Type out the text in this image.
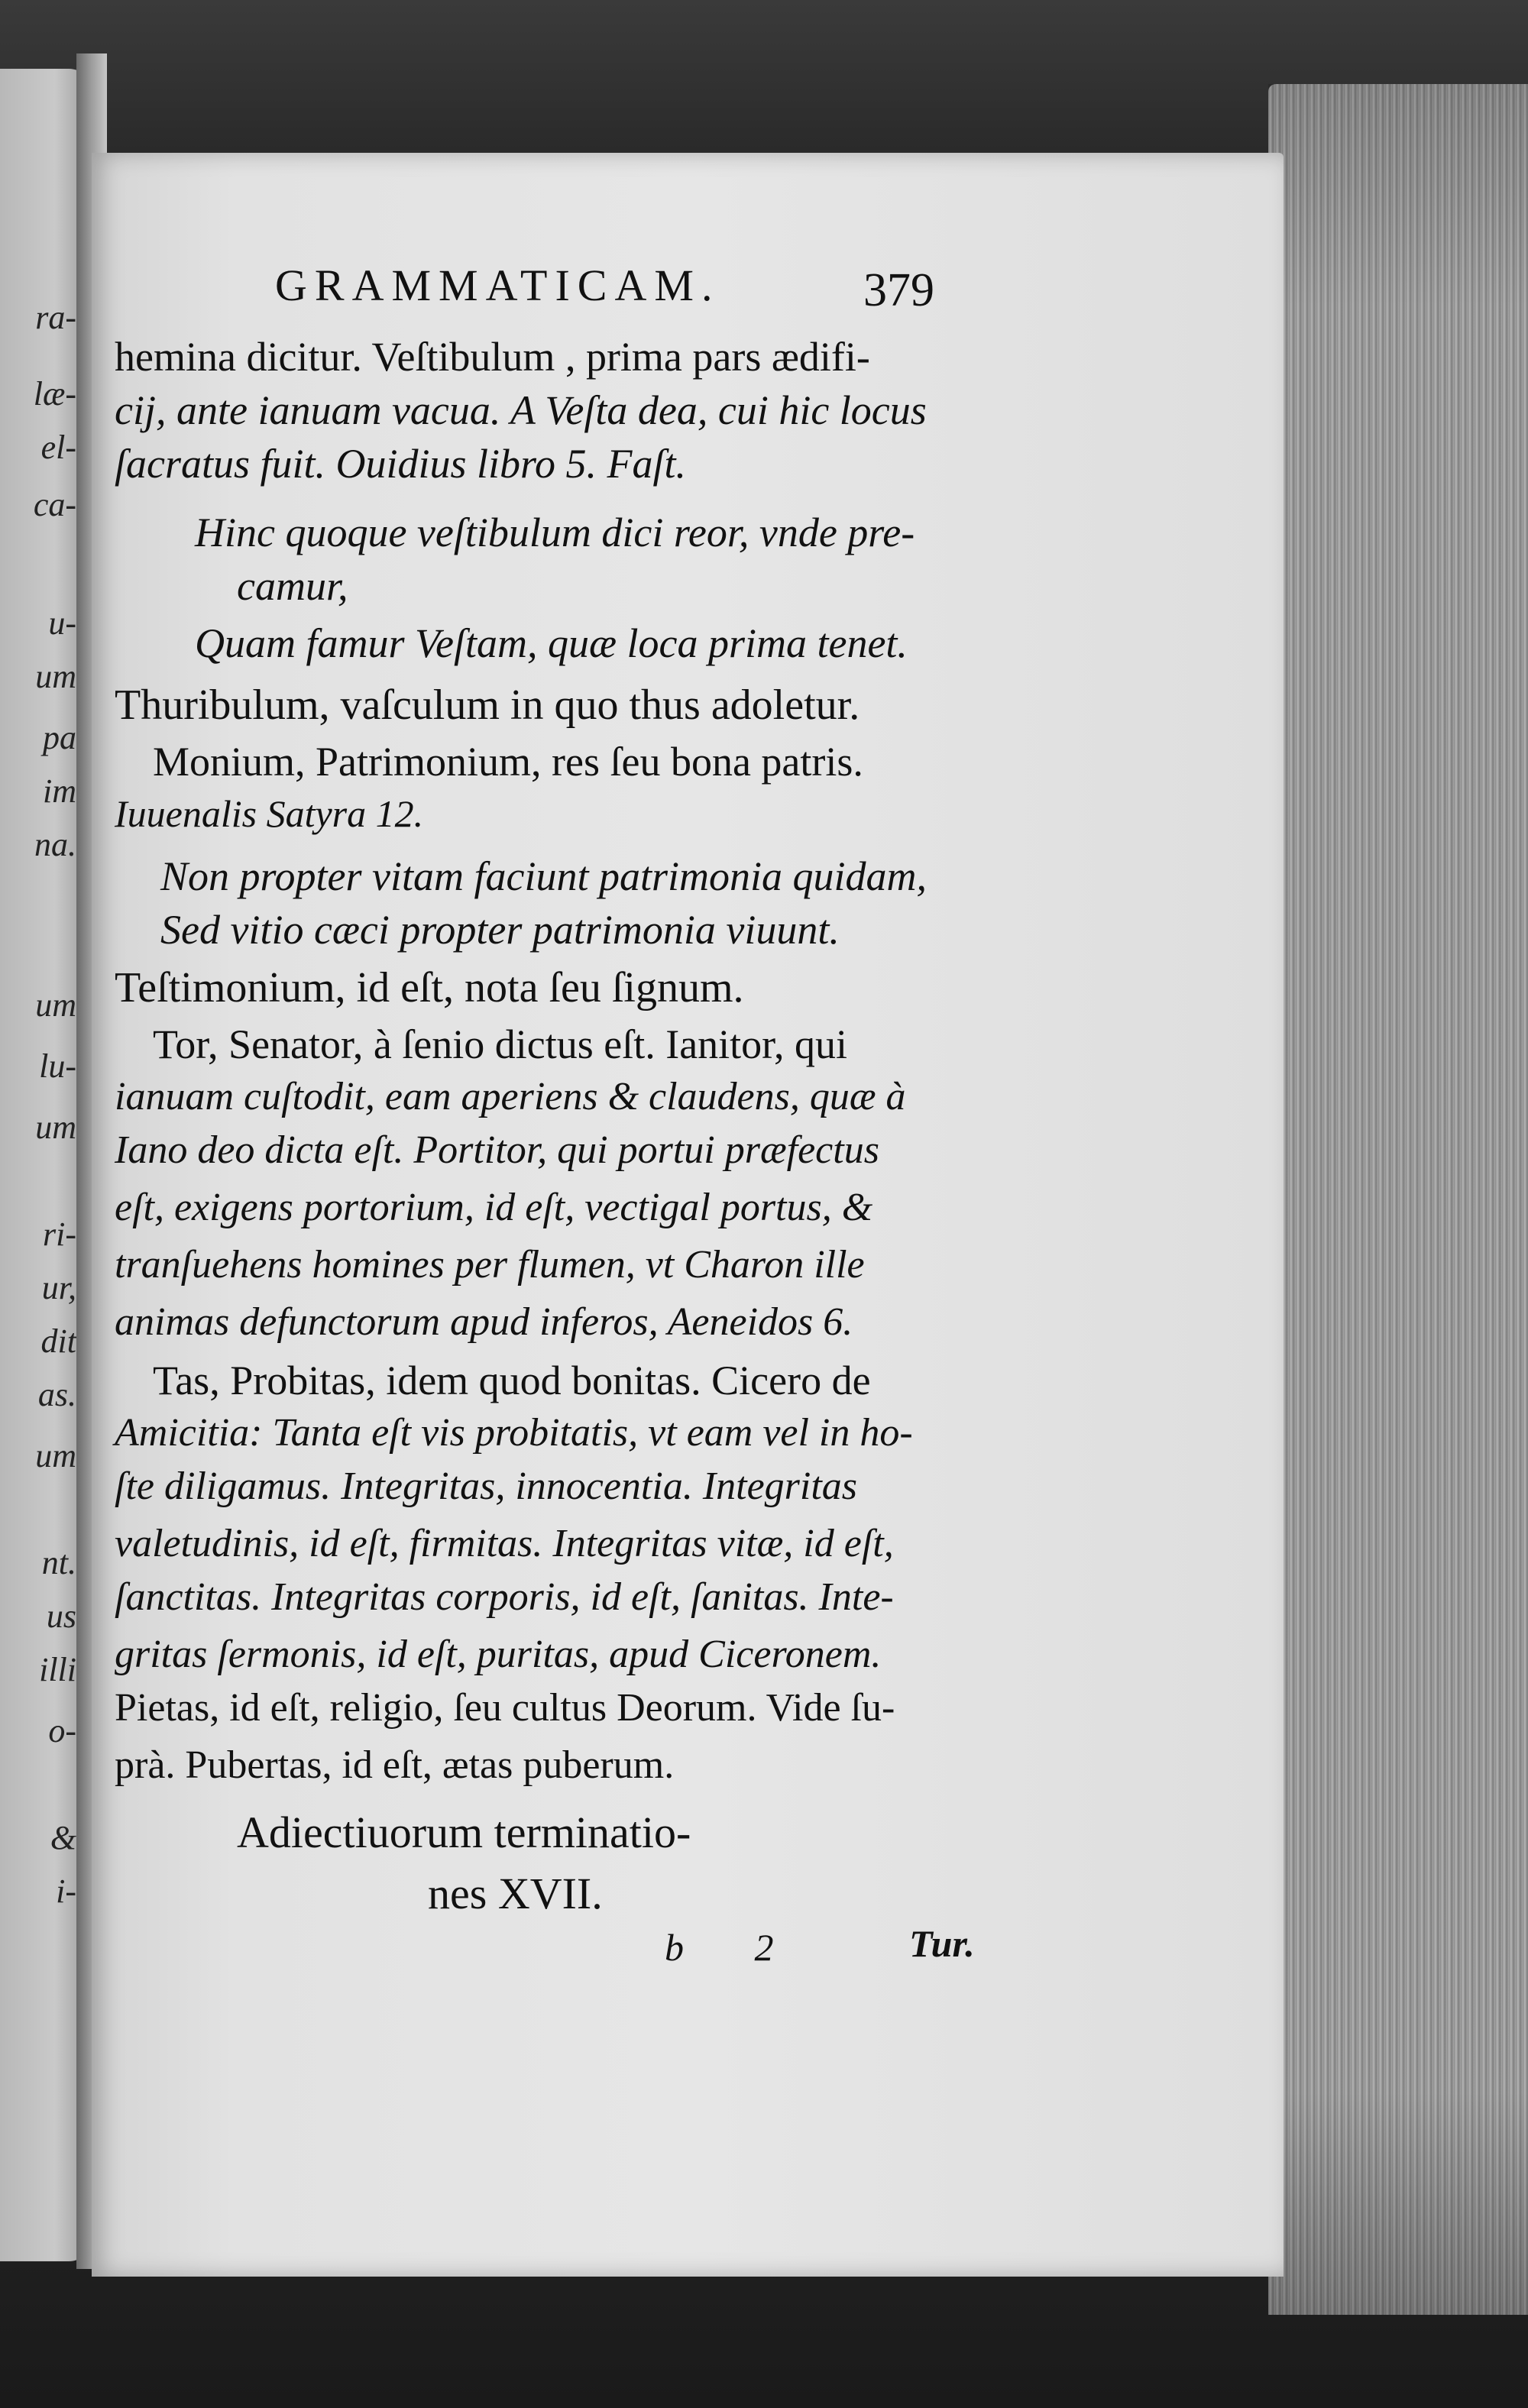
ra-
læ-
el-
ca-
u-
um
pa
im
na.
um
lu-
um
ri-
ur,
dit
as.
um
nt.
us
illi
o-
&
i-
GRAMMATICAM.	379
hemina dicitur. Veſtibulum , prima pars ædifi-
cij, ante ianuam vacua. A Veſta dea, cui hic locus
ſacratus fuit. Ouidius libro 5. Faſt.
Hinc quoque veſtibulum dici reor, vnde pre-
camur,
Quam famur Veſtam, quæ loca prima tenet.
Thuribulum, vaſculum in quo thus adoletur.
Monium, Patrimonium, res ſeu bona patris.
Iuuenalis Satyra 12.
Non propter vitam faciunt patrimonia quidam,
Sed vitio cæci propter patrimonia viuunt.
Teſtimonium, id eſt, nota ſeu ſignum.
Tor, Senator, à ſenio dictus eſt. Ianitor, qui
ianuam cuſtodit, eam aperiens & claudens, quæ à
Iano deo dicta eſt. Portitor, qui portui præfectus
eſt, exigens portorium, id eſt, vectigal portus, &
tranſuehens homines per flumen, vt Charon ille
animas defunctorum apud inferos, Aeneidos 6.
Tas, Probitas, idem quod bonitas. Cicero de
Amicitia: Tanta eſt vis probitatis, vt eam vel in ho-
ſte diligamus. Integritas, innocentia. Integritas
valetudinis, id eſt, firmitas. Integritas vitæ, id eſt,
ſanctitas. Integritas corporis, id eſt, ſanitas. Inte-
gritas ſermonis, id eſt, puritas, apud Ciceronem.
Pietas, id eſt, religio, ſeu cultus Deorum. Vide ſu-
prà. Pubertas, id eſt, ætas puberum.
Adiectiuorum terminatio-
nes XVII.
b 2	Tur.
